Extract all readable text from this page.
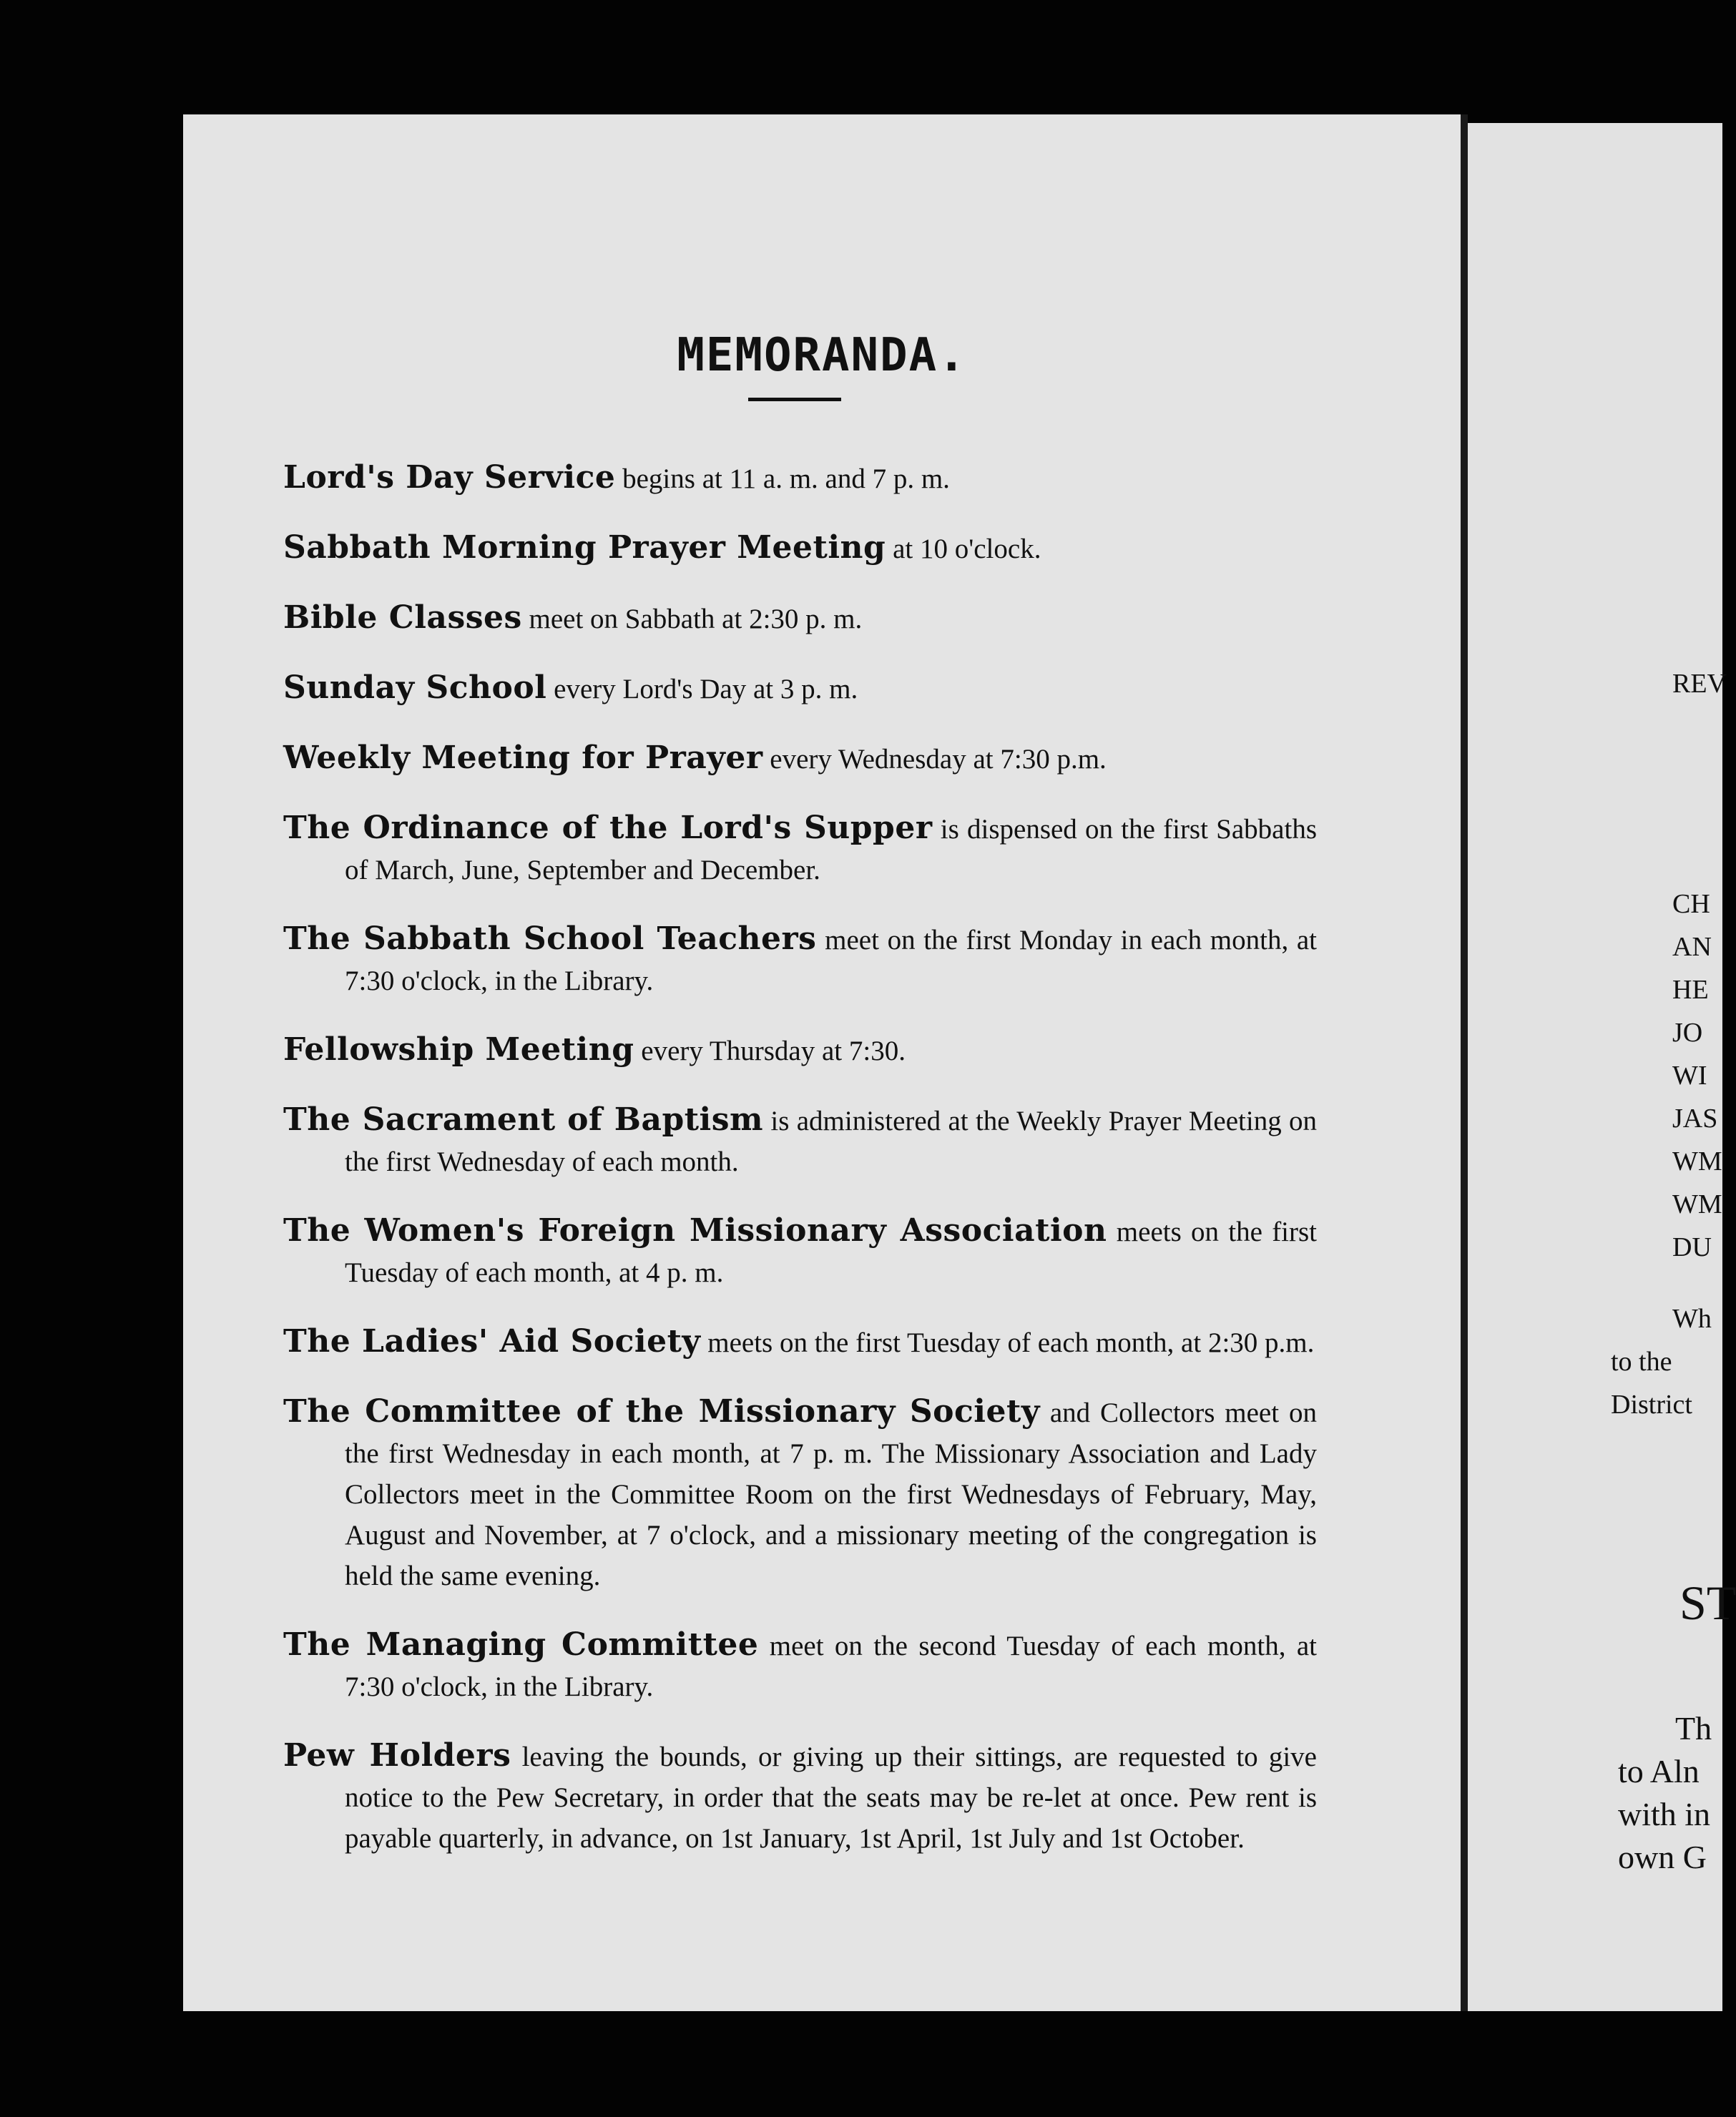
MEMORANDA.

Lord's Day Service begins at 11 a. m. and 7 p. m.

Sabbath Morning Prayer Meeting at 10 o'clock.

Bible Classes meet on Sabbath at 2:30 p. m.

Sunday School every Lord's Day at 3 p. m.

Weekly Meeting for Prayer every Wednesday at 7:30 p.m.

The Ordinance of the Lord's Supper is dispensed on the first Sabbaths of March, June, September and December.

The Sabbath School Teachers meet on the first Monday in each month, at 7:30 o'clock, in the Library.

Fellowship Meeting every Thursday at 7:30.

The Sacrament of Baptism is administered at the Weekly Prayer Meeting on the first Wednesday of each month.

The Women's Foreign Missionary Association meets on the first Tuesday of each month, at 4 p. m.

The Ladies' Aid Society meets on the first Tuesday of each month, at 2:30 p.m.

The Committee of the Missionary Society and Collectors meet on the first Wednesday in each month, at 7 p. m. The Missionary Association and Lady Collectors meet in the Committee Room on the first Wednesdays of February, May, August and November, at 7 o'clock, and a missionary meeting of the congregation is held the same evening.

The Managing Committee meet on the second Tuesday of each month, at 7:30 o'clock, in the Library.

Pew Holders leaving the bounds, or giving up their sittings, are requested to give notice to the Pew Secretary, in order that the seats may be re-let at once. Pew rent is payable quarterly, in advance, on 1st January, 1st April, 1st July and 1st October.

REV
CH
AN
HE
JO
WI
JAS
WM
WM
DU
Wh
to the
District
ST
Th
to Aln
with in
own G
